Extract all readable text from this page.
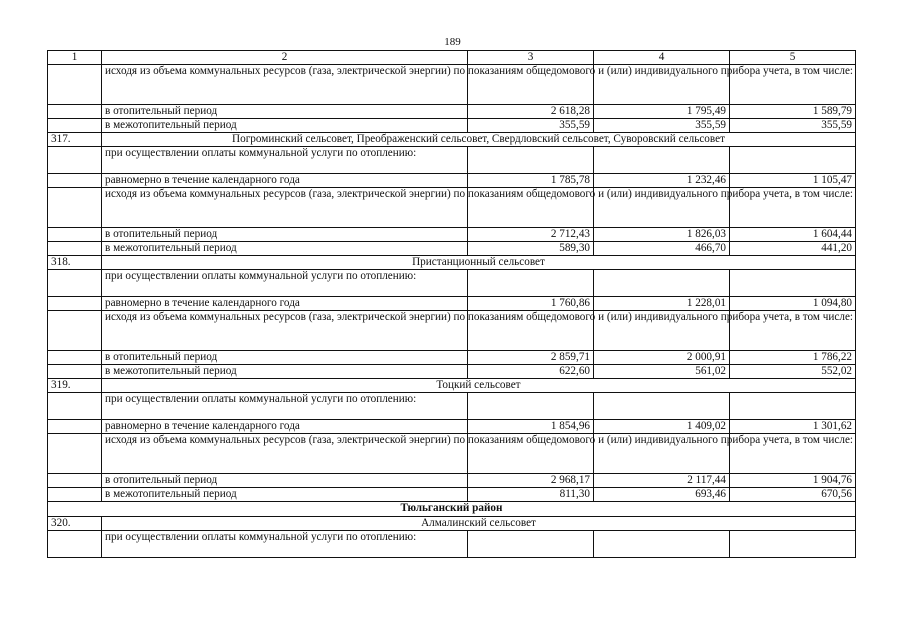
189
1	2	3	4	5
	исходя из объема коммунальных ресурсов (газа, электрической энергии) по показаниям общедомового и (или) индивидуального прибора учета, в том числе:			
	в отопительный период	2 618,28	1 795,49	1 589,79
	в межотопительный период	355,59	355,59	355,59
317.	Погроминский сельсовет, Преображенский сельсовет, Свердловский сельсовет, Суворовский сельсовет			
	при осуществлении оплаты коммунальной услуги по отоплению:			
	равномерно в течение календарного года	1 785,78	1 232,46	1 105,47
	исходя из объема коммунальных ресурсов (газа, электрической энергии) по показаниям общедомового и (или) индивидуального прибора учета, в том числе:			
	в отопительный период	2 712,43	1 826,03	1 604,44
	в межотопительный период	589,30	466,70	441,20
318.	Пристанционный сельсовет			
	при осуществлении оплаты коммунальной услуги по отоплению:			
	равномерно в течение календарного года	1 760,86	1 228,01	1 094,80
	исходя из объема коммунальных ресурсов (газа, электрической энергии) по показаниям общедомового и (или) индивидуального прибора учета, в том числе:			
	в отопительный период	2 859,71	2 000,91	1 786,22
	в межотопительный период	622,60	561,02	552,02
319.	Тоцкий сельсовет			
	при осуществлении оплаты коммунальной услуги по отоплению:			
	равномерно в течение календарного года	1 854,96	1 409,02	1 301,62
	исходя из объема коммунальных ресурсов (газа, электрической энергии) по показаниям общедомового и (или) индивидуального прибора учета, в том числе:			
	в отопительный период	2 968,17	2 117,44	1 904,76
	в межотопительный период	811,30	693,46	670,56
Тюльганский район				
320.	Алмалинский сельсовет			
	при осуществлении оплаты коммунальной услуги по отоплению:			
